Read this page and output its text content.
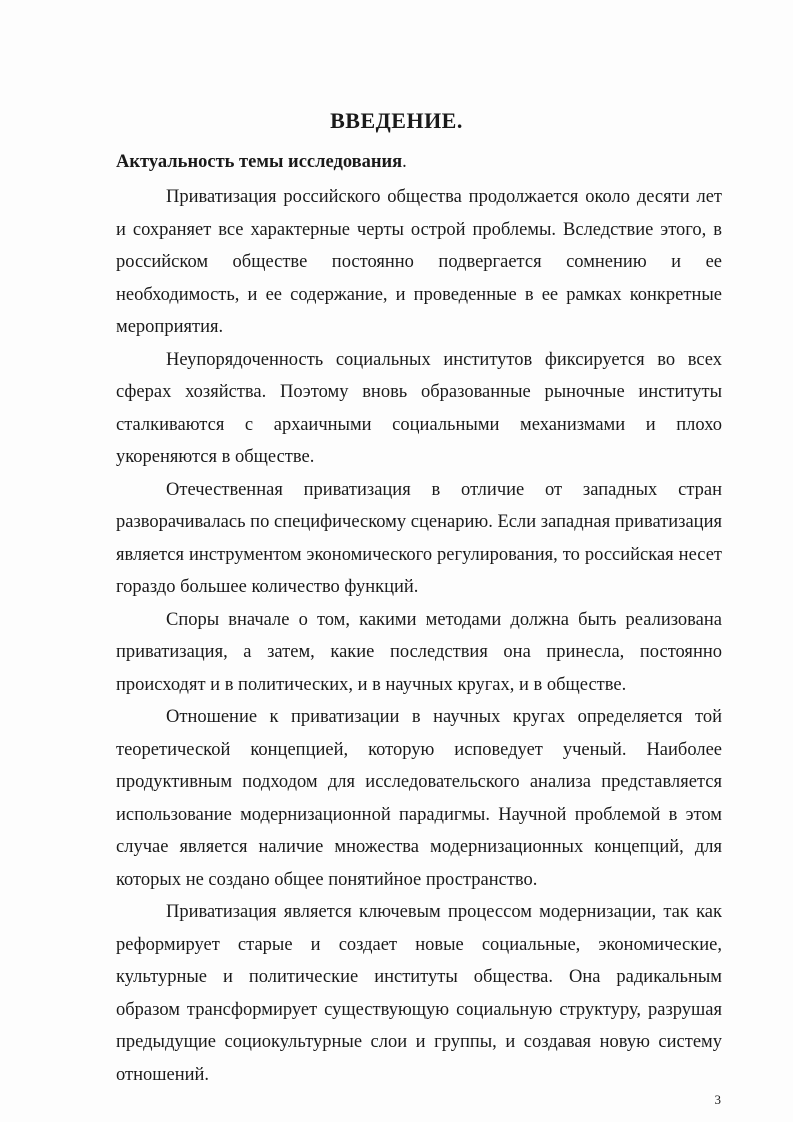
ВВЕДЕНИЕ.

Актуальность темы исследования.

Приватизация российского общества продолжается около десяти лет и сохраняет все характерные черты острой проблемы. Вследствие этого, в российском обществе постоянно подвергается сомнению и ее необходимость, и ее содержание, и проведенные в ее рамках конкретные мероприятия.

Неупорядоченность социальных институтов фиксируется во всех сферах хозяйства. Поэтому вновь образованные рыночные институты сталкиваются с архаичными социальными механизмами и плохо укореняются в обществе.

Отечественная приватизация в отличие от западных стран разворачивалась по специфическому сценарию. Если западная приватизация является инструментом экономического регулирования, то российская несет гораздо большее количество функций.

Споры вначале о том, какими методами должна быть реализована приватизация, а затем, какие последствия она принесла, постоянно происходят и в политических, и в научных кругах, и в обществе.

Отношение к приватизации в научных кругах определяется той теоретической концепцией, которую исповедует ученый. Наиболее продуктивным подходом для исследовательского анализа представляется использование модернизационной парадигмы. Научной проблемой в этом случае является наличие множества модернизационных концепций, для которых не создано общее понятийное пространство.

Приватизация является ключевым процессом модернизации, так как реформирует старые и создает новые социальные, экономические, культурные и политические институты общества. Она радикальным образом трансформирует существующую социальную структуру, разрушая предыдущие социокультурные слои и группы, и создавая новую систему отношений.

3
